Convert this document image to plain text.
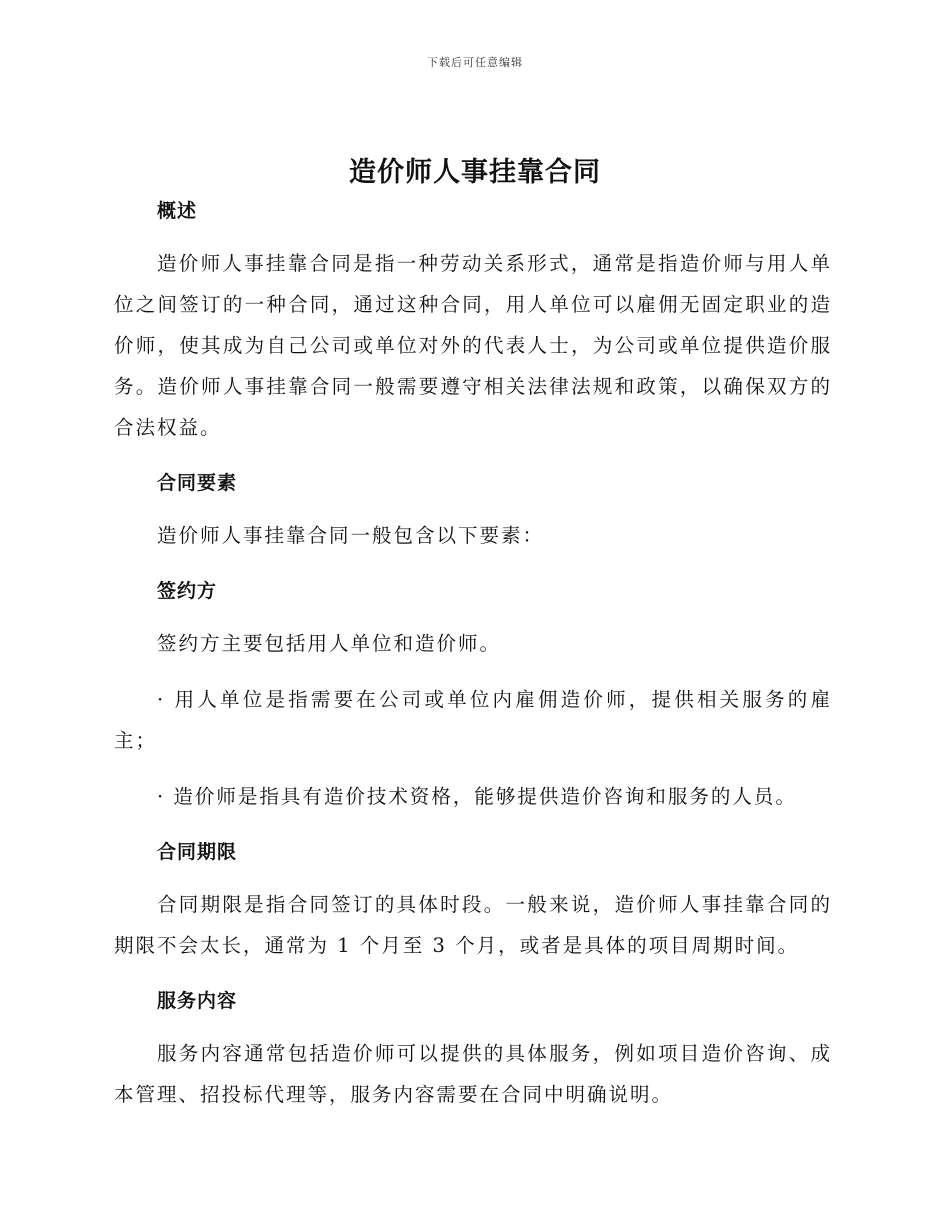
下载后可任意编辑
造价师人事挂靠合同
概述

造价师人事挂靠合同是指一种劳动关系形式，通常是指造价师与用人单位之间签订的一种合同，通过这种合同，用人单位可以雇佣无固定职业的造价师，使其成为自己公司或单位对外的代表人士，为公司或单位提供造价服务。造价师人事挂靠合同一般需要遵守相关法律法规和政策，以确保双方的合法权益。

合同要素

造价师人事挂靠合同一般包含以下要素：

签约方

签约方主要包括用人单位和造价师。

· 用人单位是指需要在公司或单位内雇佣造价师，提供相关服务的雇主；

· 造价师是指具有造价技术资格，能够提供造价咨询和服务的人员。

合同期限

合同期限是指合同签订的具体时段。一般来说，造价师人事挂靠合同的期限不会太长，通常为 1 个月至 3 个月，或者是具体的项目周期时间。

服务内容

服务内容通常包括造价师可以提供的具体服务，例如项目造价咨询、成本管理、招投标代理等，服务内容需要在合同中明确说明。
